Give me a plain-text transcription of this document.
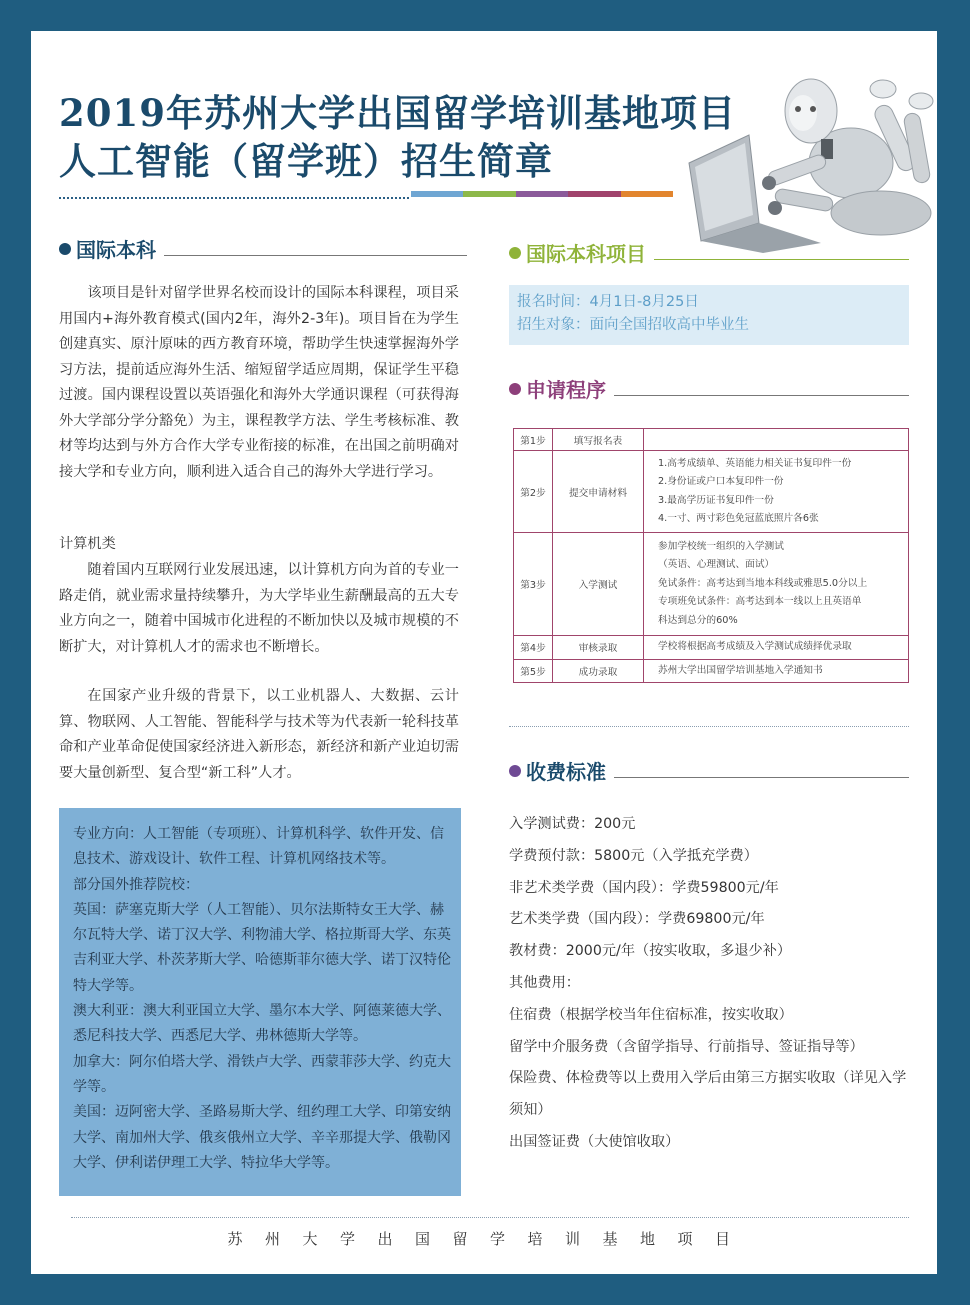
2019年苏州大学出国留学培训基地项目
人工智能（留学班）招生简章
国际本科

该项目是针对留学世界名校而设计的国际本科课程，项目采用国内+海外教育模式(国内2年，海外2-3年)。项目旨在为学生创建真实、原汁原味的西方教育环境，帮助学生快速掌握海外学习方法，提前适应海外生活、缩短留学适应周期，保证学生平稳过渡。国内课程设置以英语强化和海外大学通识课程（可获得海外大学部分学分豁免）为主，课程教学方法、学生考核标准、教材等均达到与外方合作大学专业衔接的标准，在出国之前明确对接大学和专业方向，顺利进入适合自己的海外大学进行学习。

计算机类

随着国内互联网行业发展迅速，以计算机方向为首的专业一路走俏，就业需求量持续攀升，为大学毕业生薪酬最高的五大专业方向之一，随着中国城市化进程的不断加快以及城市规模的不断扩大，对计算机人才的需求也不断增长。

在国家产业升级的背景下，以工业机器人、大数据、云计算、物联网、人工智能、智能科学与技术等为代表新一轮科技革命和产业革命促使国家经济进入新形态，新经济和新产业迫切需要大量创新型、复合型“新工科”人才。

专业方向：人工智能（专项班）、计算机科学、软件开发、信息技术、游戏设计、软件工程、计算机网络技术等。

部分国外推荐院校：

英国：萨塞克斯大学（人工智能）、贝尔法斯特女王大学、赫尔瓦特大学、诺丁汉大学、利物浦大学、格拉斯哥大学、东英吉利亚大学、朴茨茅斯大学、哈德斯菲尔德大学、诺丁汉特伦特大学等。

澳大利亚：澳大利亚国立大学、墨尔本大学、阿德莱德大学、悉尼科技大学、西悉尼大学、弗林德斯大学等。

加拿大：阿尔伯塔大学、滑铁卢大学、西蒙菲莎大学、约克大学等。

美国：迈阿密大学、圣路易斯大学、纽约理工大学、印第安纳大学、南加州大学、俄亥俄州立大学、辛辛那提大学、俄勒冈大学、伊利诺伊理工大学、特拉华大学等。

国际本科项目
报名时间：4月1日-8月25日
招生对象：面向全国招收高中毕业生
申请程序
第1步	填写报名表	
第2步	提交申请材料	1.高考成绩单、英语能力相关证书复印件一份
2.身份证或户口本复印件一份
3.最高学历证书复印件一份
4.一寸、两寸彩色免冠蓝底照片各6张

第3步	入学测试	参加学校统一组织的入学测试
（英语、心理测试、面试）
免试条件：高考达到当地本科线或雅思5.0分以上
专项班免试条件：高考达到本一线以上且英语单
科达到总分的60%

第4步	审核录取	学校将根据高考成绩及入学测试成绩择优录取
第5步	成功录取	苏州大学出国留学培训基地入学通知书
收费标准
入学测试费：200元
学费预付款：5800元（入学抵充学费）
非艺术类学费（国内段）：学费59800元/年
艺术类学费（国内段）：学费69800元/年
教材费：2000元/年（按实收取，多退少补）
其他费用：
住宿费（根据学校当年住宿标准，按实收取）
留学中介服务费（含留学指导、行前指导、签证指导等）
保险费、体检费等以上费用入学后由第三方据实收取（详见入学须知）
出国签证费（大使馆收取）
苏州大学出国留学培训基地项目
